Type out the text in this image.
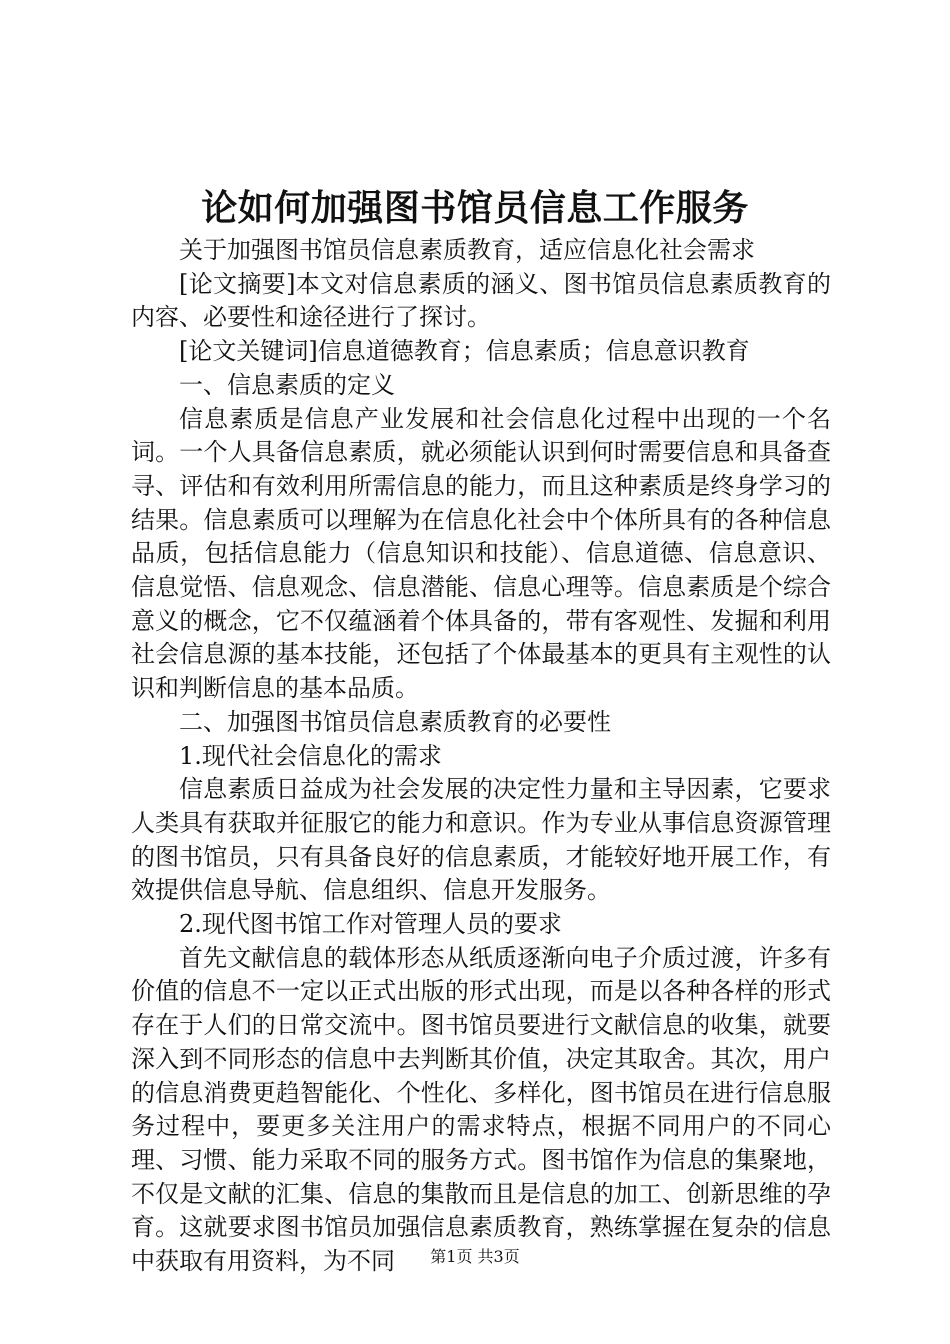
论如何加强图书馆员信息工作服务

关于加强图书馆员信息素质教育，适应信息化社会需求

[论文摘要]本文对信息素质的涵义、图书馆员信息素质教育的内容、必要性和途径进行了探讨。

[论文关键词]信息道德教育；信息素质；信息意识教育

一、信息素质的定义

信息素质是信息产业发展和社会信息化过程中出现的一个名词。一个人具备信息素质，就必须能认识到何时需要信息和具备查寻、评估和有效利用所需信息的能力，而且这种素质是终身学习的结果。信息素质可以理解为在信息化社会中个体所具有的各种信息品质，包括信息能力（信息知识和技能）、信息道德、信息意识、信息觉悟、信息观念、信息潜能、信息心理等。信息素质是个综合意义的概念，它不仅蕴涵着个体具备的，带有客观性、发掘和利用社会信息源的基本技能，还包括了个体最基本的更具有主观性的认识和判断信息的基本品质。

二、加强图书馆员信息素质教育的必要性

1.现代社会信息化的需求

信息素质日益成为社会发展的决定性力量和主导因素，它要求人类具有获取并征服它的能力和意识。作为专业从事信息资源管理的图书馆员，只有具备良好的信息素质，才能较好地开展工作，有效提供信息导航、信息组织、信息开发服务。

2.现代图书馆工作对管理人员的要求

首先文献信息的载体形态从纸质逐渐向电子介质过渡，许多有价值的信息不一定以正式出版的形式出现，而是以各种各样的形式存在于人们的日常交流中。图书馆员要进行文献信息的收集，就要深入到不同形态的信息中去判断其价值，决定其取舍。其次，用户的信息消费更趋智能化、个性化、多样化，图书馆员在进行信息服务过程中，要更多关注用户的需求特点，根据不同用户的不同心理、习惯、能力采取不同的服务方式。图书馆作为信息的集聚地，不仅是文献的汇集、信息的集散而且是信息的加工、创新思维的孕育。这就要求图书馆员加强信息素质教育，熟练掌握在复杂的信息中获取有用资料，为不同	第1页 共3页
